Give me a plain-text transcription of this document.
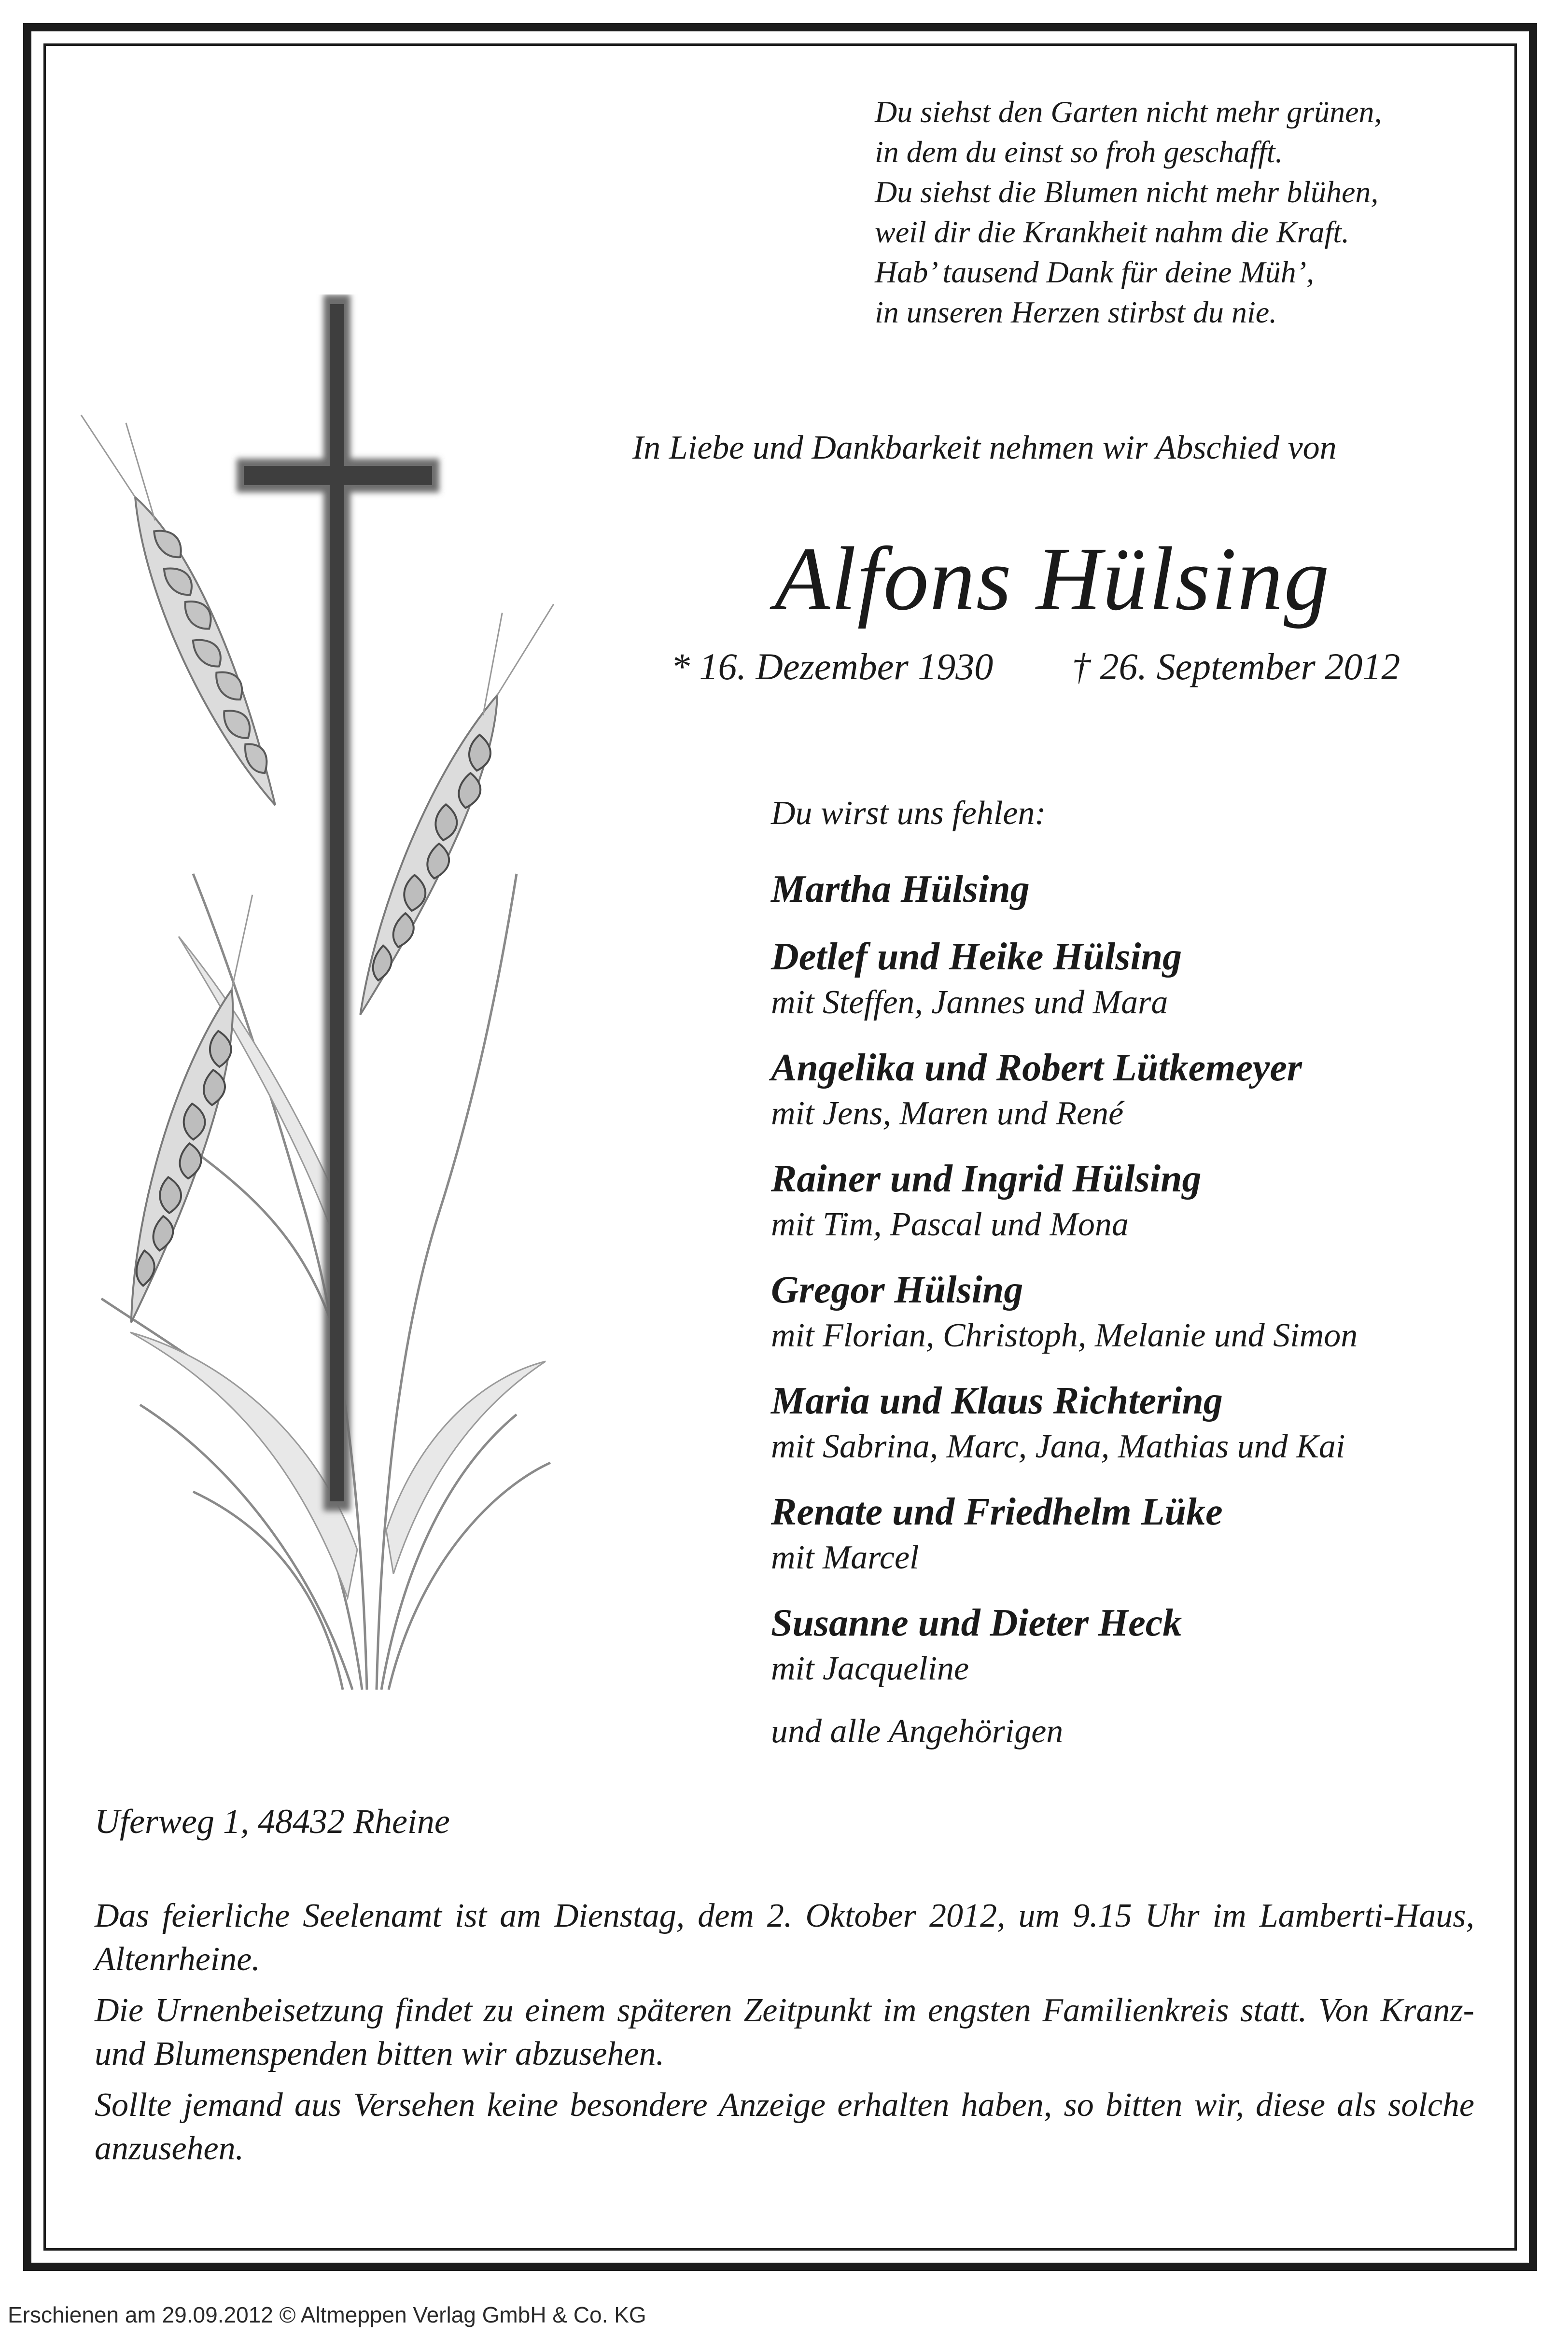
Du siehst den Garten nicht mehr grünen,
in dem du einst so froh geschafft.
Du siehst die Blumen nicht mehr blühen,
weil dir die Krankheit nahm die Kraft.
Hab’ tausend Dank für deine Müh’,
in unseren Herzen stirbst du nie.
In Liebe und Dankbarkeit nehmen wir Abschied von
Alfons Hülsing
* 16. Dezember 1930 † 26. September 2012
Du wirst uns fehlen:
Martha Hülsing
Detlef und Heike Hülsing
mit Steffen, Jannes und Mara
Angelika und Robert Lütkemeyer
mit Jens, Maren und René
Rainer und Ingrid Hülsing
mit Tim, Pascal und Mona
Gregor Hülsing
mit Florian, Christoph, Melanie und Simon
Maria und Klaus Richtering
mit Sabrina, Marc, Jana, Mathias und Kai
Renate und Friedhelm Lüke
mit Marcel
Susanne und Dieter Heck
mit Jacqueline
und alle Angehörigen
Uferweg 1, 48432 Rheine

Das feierliche Seelenamt ist am Dienstag, dem 2. Oktober 2012, um 9.15 Uhr im Lamberti-Haus, Altenrheine.

Die Urnenbeisetzung findet zu einem späteren Zeitpunkt im engsten Familienkreis statt. Von Kranz- und Blumenspenden bitten wir abzusehen.

Sollte jemand aus Versehen keine besondere Anzeige erhalten haben, so bitten wir, diese als solche anzusehen.

Erschienen am 29.09.2012 © Altmeppen Verlag GmbH & Co. KG
